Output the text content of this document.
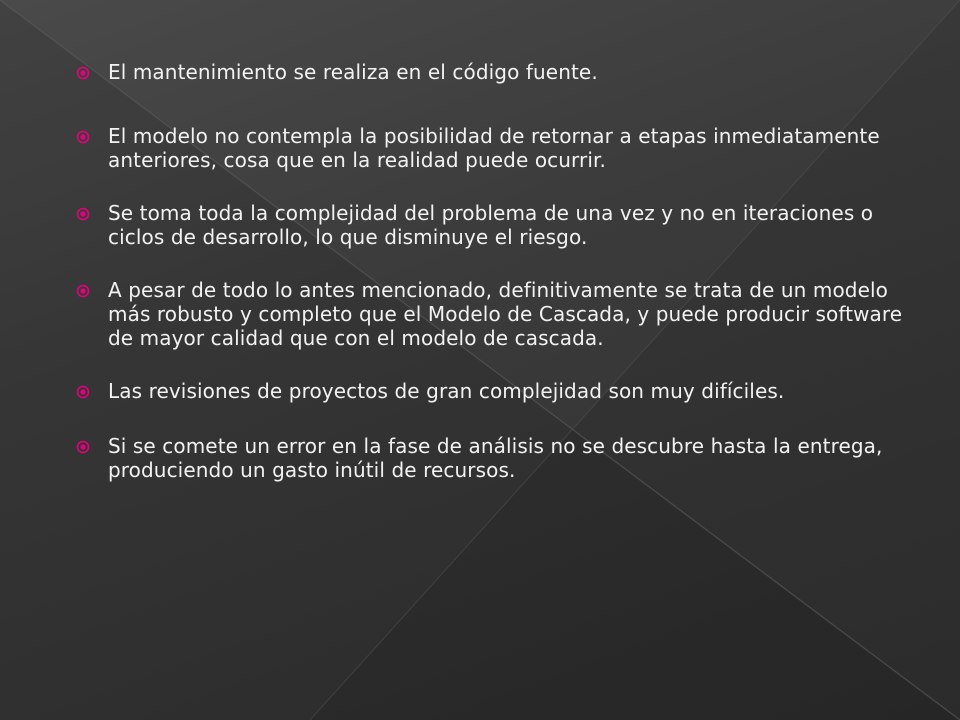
El mantenimiento se realiza en el código fuente.
El modelo no contempla la posibilidad de retornar a etapas inmediatamente anteriores, cosa que en la realidad puede ocurrir.
Se toma toda la complejidad del problema de una vez y no en iteraciones o ciclos de desarrollo, lo que disminuye el riesgo.
A pesar de todo lo antes mencionado, definitivamente se trata de un modelo más robusto y completo que el Modelo de Cascada, y puede producir software de mayor calidad que con el modelo de cascada.
Las revisiones de proyectos de gran complejidad son muy difíciles.
Si se comete un error en la fase de análisis no se descubre hasta la entrega, produciendo un gasto inútil de recursos.
